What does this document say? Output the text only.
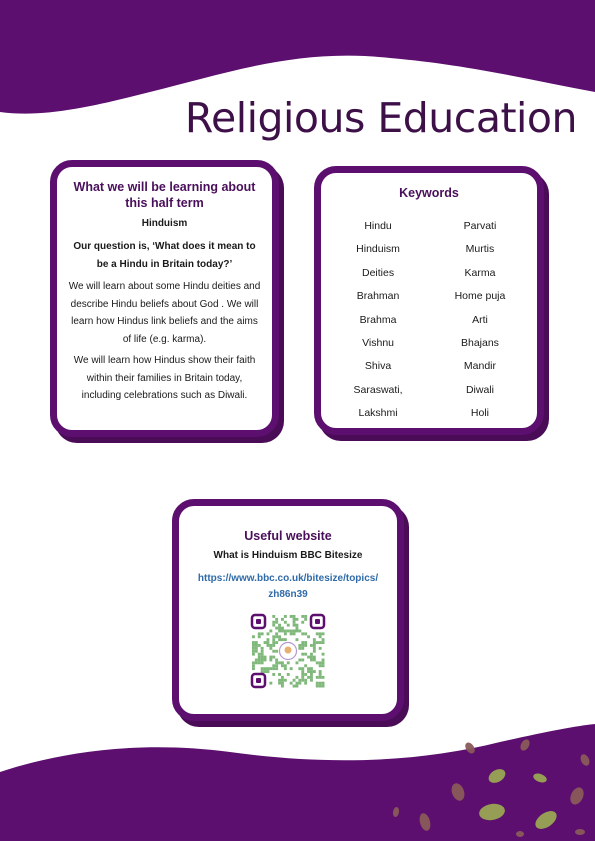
Religious Education
What we will be learning about this half term
Hinduism
Our question is, ‘What does it mean to be a Hindu in Britain today?’

We will learn about some Hindu deities and describe Hindu beliefs about God . We will learn how Hindus link beliefs and the aims of life (e.g. karma).

We will learn how Hindus show their faith within their families in Britain today, including celebrations such as Diwali.

Keywords
Hindu
Hinduism
Deities
Brahman
Brahma
Vishnu
Shiva
Saraswati,
Lakshmi
Parvati
Murtis
Karma
Home puja
Arti
Bhajans
Mandir
Diwali
Holi
Useful website
What is Hinduism BBC Bitesize
https://www.bbc.co.uk/bitesize/topics/
zh86n39
